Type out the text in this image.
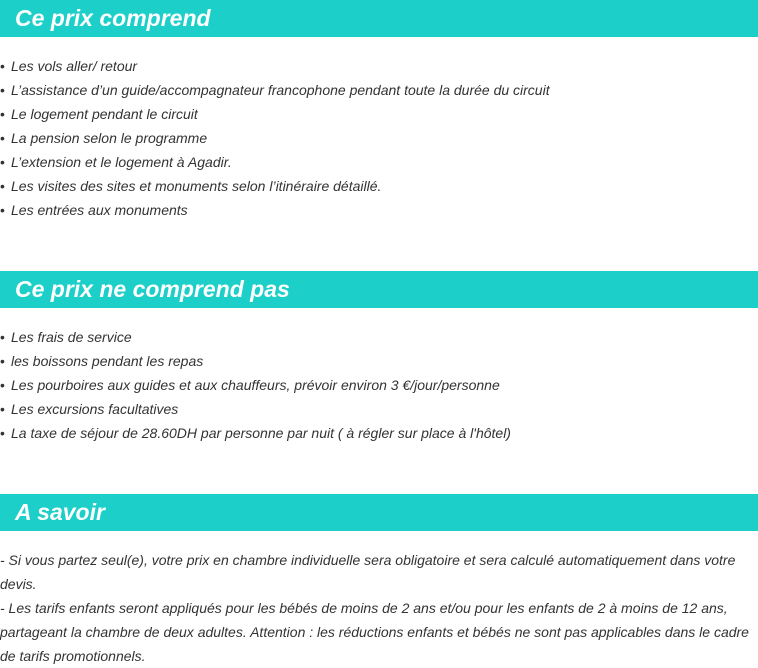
Ce prix comprend
• Les vols aller/ retour
• L’assistance d’un guide/accompagnateur francophone pendant toute la durée du circuit
• Le logement pendant le circuit
• La pension selon le programme
• L’extension et le logement à Agadir.
• Les visites des sites et monuments selon l’itinéraire détaillé.
• Les entrées aux monuments
Ce prix ne comprend pas
• Les frais de service
• les boissons pendant les repas
• Les pourboires aux guides et aux chauffeurs, prévoir environ 3 €/jour/personne
• Les excursions facultatives
• La taxe de séjour de 28.60DH par personne par nuit ( à régler sur place à l'hôtel)
A savoir

- Si vous partez seul(e), votre prix en chambre individuelle sera obligatoire et sera calculé automatiquement dans votre devis.

- Les tarifs enfants seront appliqués pour les bébés de moins de 2 ans et/ou pour les enfants de 2 à moins de 12 ans, partageant la chambre de deux adultes. Attention : les réductions enfants et bébés ne sont pas applicables dans le cadre de tarifs promotionnels.
